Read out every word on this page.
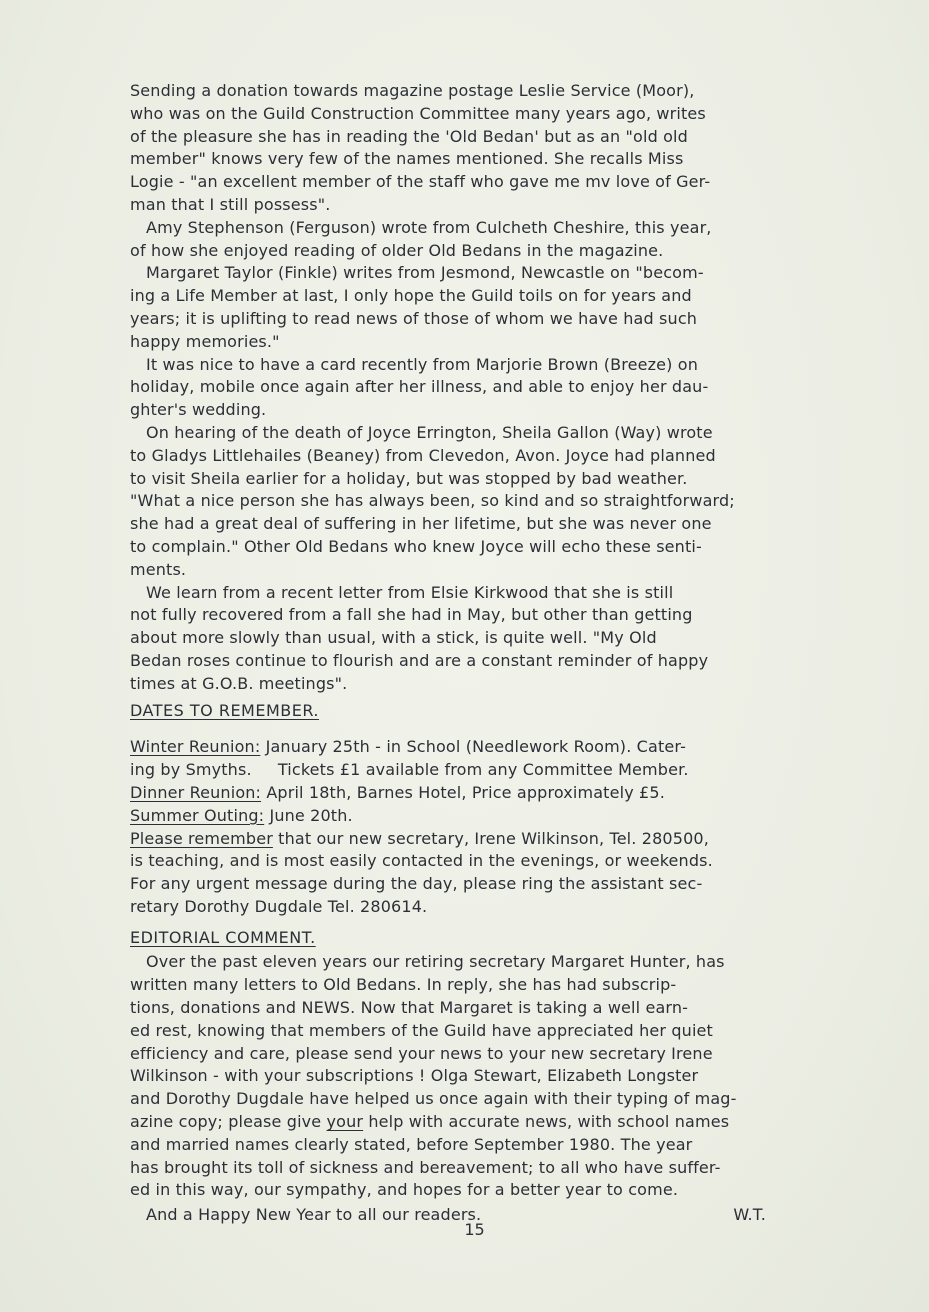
Sending a donation towards magazine postage Leslie Service (Moor),
who was on the Guild Construction Committee many years ago, writes
of the pleasure she has in reading the 'Old Bedan' but as an "old old
member" knows very few of the names mentioned. She recalls Miss
Logie - "an excellent member of the staff who gave me mv love of Ger-
man that I still possess".
Amy Stephenson (Ferguson) wrote from Culcheth Cheshire, this year,
of how she enjoyed reading of older Old Bedans in the magazine.
Margaret Taylor (Finkle) writes from Jesmond, Newcastle on "becom-
ing a Life Member at last, I only hope the Guild toils on for years and
years; it is uplifting to read news of those of whom we have had such
happy memories."
It was nice to have a card recently from Marjorie Brown (Breeze) on
holiday, mobile once again after her illness, and able to enjoy her dau-
ghter's wedding.
On hearing of the death of Joyce Errington, Sheila Gallon (Way) wrote
to Gladys Littlehailes (Beaney) from Clevedon, Avon. Joyce had planned
to visit Sheila earlier for a holiday, but was stopped by bad weather.
"What a nice person she has always been, so kind and so straightforward;
she had a great deal of suffering in her lifetime, but she was never one
to complain." Other Old Bedans who knew Joyce will echo these senti-
ments.
We learn from a recent letter from Elsie Kirkwood that she is still
not fully recovered from a fall she had in May, but other than getting
about more slowly than usual, with a stick, is quite well. "My Old
Bedan roses continue to flourish and are a constant reminder of happy
times at G.O.B. meetings".
DATES TO REMEMBER.
Winter Reunion: January 25th - in School (Needlework Room). Cater-
ing by Smyths.     Tickets £1 available from any Committee Member.
Dinner Reunion: April 18th, Barnes Hotel, Price approximately £5.
Summer Outing: June 20th.
Please remember that our new secretary, Irene Wilkinson, Tel. 280500,
is teaching, and is most easily contacted in the evenings, or weekends.
For any urgent message during the day, please ring the assistant sec-
retary Dorothy Dugdale Tel. 280614.
EDITORIAL COMMENT.
Over the past eleven years our retiring secretary Margaret Hunter, has
written many letters to Old Bedans. In reply, she has had subscrip-
tions, donations and NEWS. Now that Margaret is taking a well earn-
ed rest, knowing that members of the Guild have appreciated her quiet
efficiency and care, please send your news to your new secretary Irene
Wilkinson - with your subscriptions ! Olga Stewart, Elizabeth Longster
and Dorothy Dugdale have helped us once again with their typing of mag-
azine copy; please give your help with accurate news, with school names
and married names clearly stated, before September 1980. The year
has brought its toll of sickness and bereavement; to all who have suffer-
ed in this way, our sympathy, and hopes for a better year to come.
And a Happy New Year to all our readers.	W.T.
15
